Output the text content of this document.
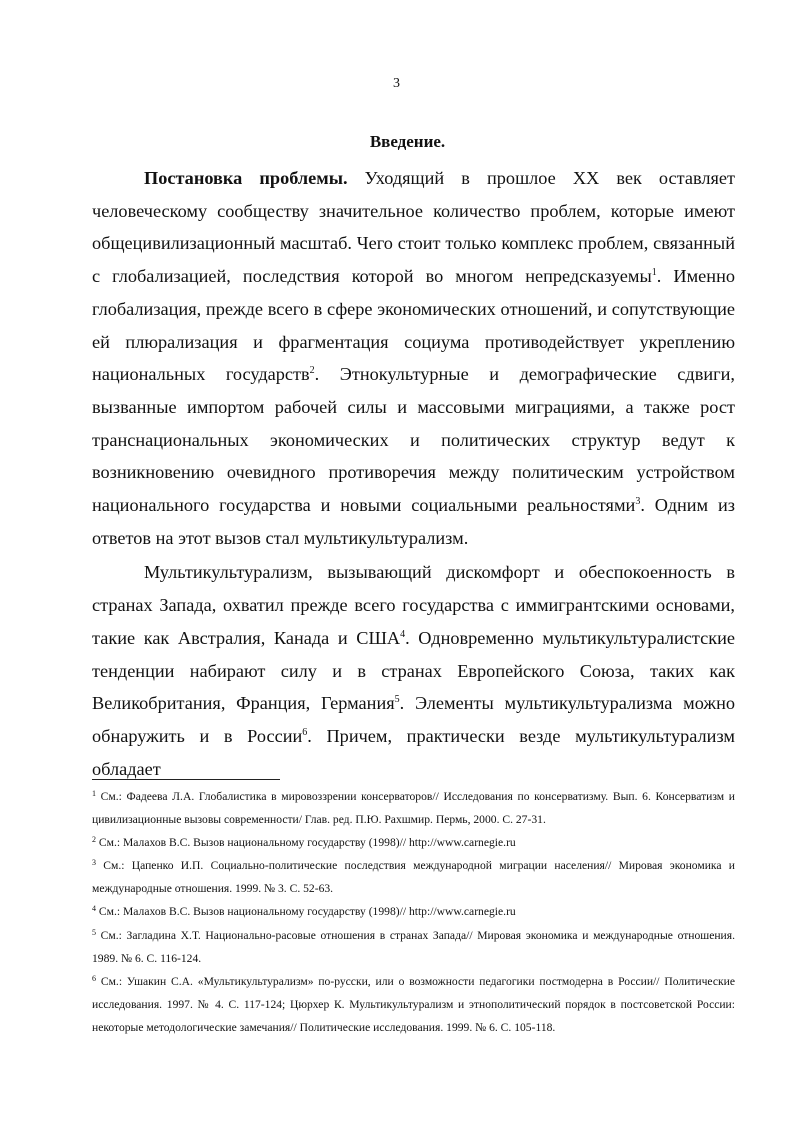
3
Введение.

Постановка проблемы. Уходящий в прошлое XX век оставляет человеческому сообществу значительное количество проблем, которые имеют общецивилизационный масштаб. Чего стоит только комплекс проблем, связанный с глобализацией, последствия которой во многом непредсказуемы$^1$. Именно глобализация, прежде всего в сфере экономических отношений, и сопутствующие ей плюрализация и фрагментация социума противодействует укреплению национальных государств$^2$. Этнокультурные и демографические сдвиги, вызванные импортом рабочей силы и массовыми миграциями, а также рост транснациональных экономических и политических структур ведут к возникновению очевидного противоречия между политическим устройством национального государства и новыми социальными реальностями$^3$. Одним из ответов на этот вызов стал мультикультурализм.

Мультикультурализм, вызывающий дискомфорт и обеспокоенность в странах Запада, охватил прежде всего государства с иммигрантскими основами, такие как Австралия, Канада и США$^4$. Одновременно мультикультуралистские тенденции набирают силу и в странах Европейского Союза, таких как Великобритания, Франция, Германия$^5$. Элементы мультикультурализма можно обнаружить и в России$^6$. Причем, практически везде мультикультурализм обладает

$^1$ См.: Фадеева Л.А. Глобалистика в мировоззрении консерваторов// Исследования по консерватизму. Вып. 6. Консерватизм и цивилизационные вызовы современности/ Глав. ред. П.Ю. Рахшмир. Пермь, 2000. С. 27-31.

$^2$ См.: Малахов В.С. Вызов национальному государству (1998)// http://www.carnegie.ru

$^3$ См.: Цапенко И.П. Социально-политические последствия международной миграции населения// Мировая экономика и международные отношения. 1999. № 3. С. 52-63.

$^4$ См.: Малахов В.С. Вызов национальному государству (1998)// http://www.carnegie.ru

$^5$ См.: Загладина Х.Т. Национально-расовые отношения в странах Запада// Мировая экономика и международные отношения. 1989. № 6. С. 116-124.

$^6$ См.: Ушакин С.А. «Мультикультурализм» по-русски, или о возможности педагогики постмодерна в России// Политические исследования. 1997. № 4. С. 117-124; Цюрхер К. Мультикультурализм и этнополитический порядок в постсоветской России: некоторые методологические замечания// Политические исследования. 1999. № 6. С. 105-118.
